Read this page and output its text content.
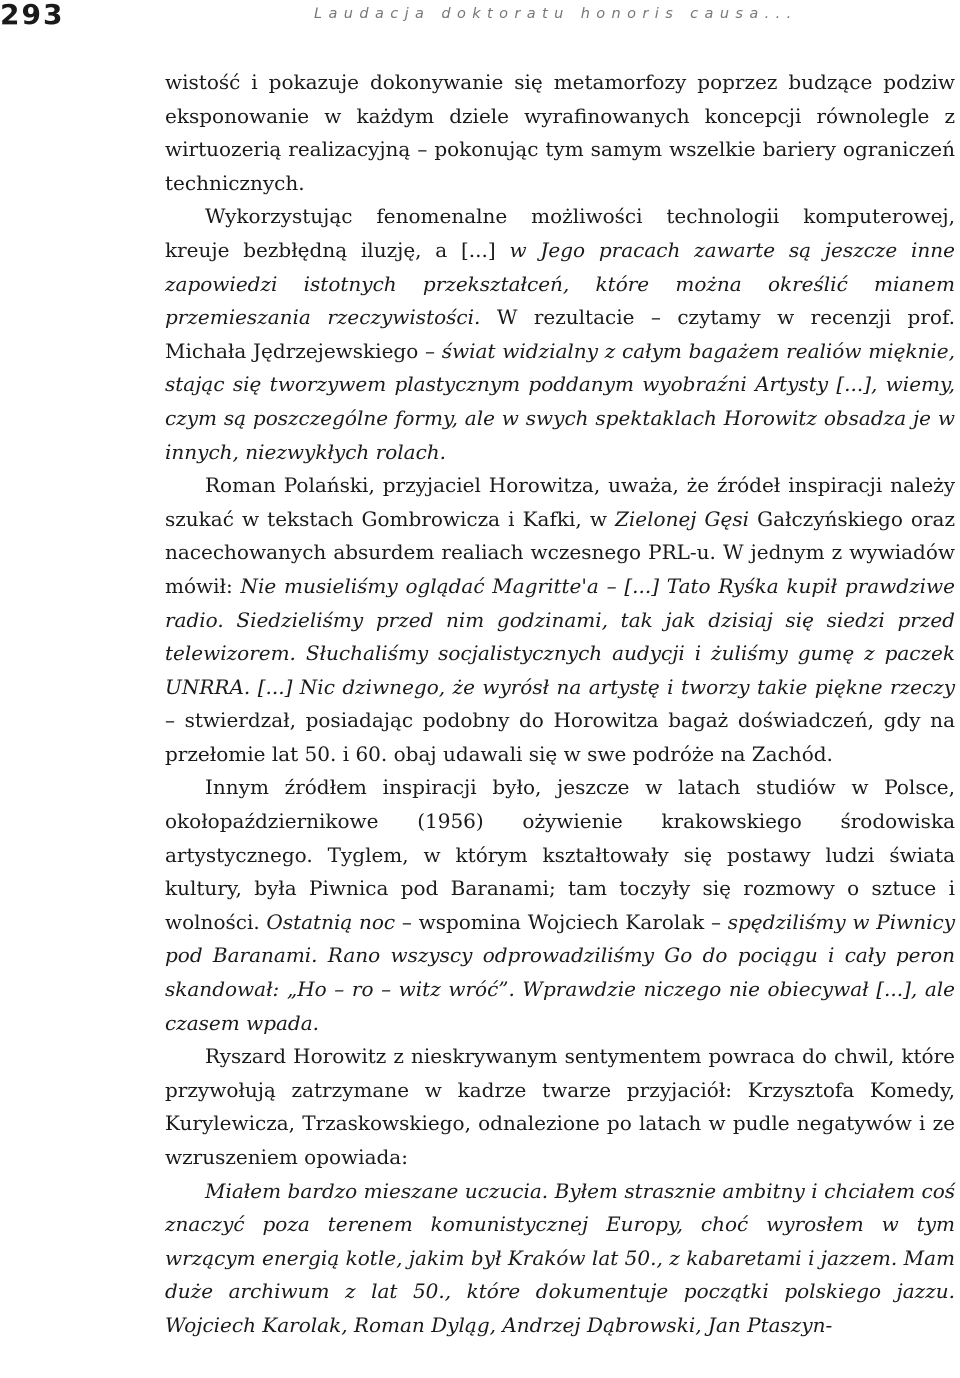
293	Laudacja doktoratu honoris causa...

wistość i pokazuje dokonywanie się metamorfozy poprzez budzące podziw eksponowanie w każdym dziele wyrafinowanych koncepcji równolegle z wirtuozerią realizacyjną – pokonując tym samym wszelkie bariery ograniczeń technicznych.

Wykorzystując fenomenalne możliwości technologii komputerowej, kreuje bezbłędną iluzję, a [...] w Jego pracach zawarte są jeszcze inne zapowiedzi istotnych przekształceń, które można określić mianem przemieszania rzeczywistości. W rezultacie – czytamy w recenzji prof. Michała Jędrzejewskiego – świat widzialny z całym bagażem realiów mięknie, stając się tworzywem plastycznym poddanym wyobraźni Artysty [...], wiemy, czym są poszczególne formy, ale w swych spektaklach Horowitz obsadza je w innych, niezwykłych rolach.

Roman Polański, przyjaciel Horowitza, uważa, że źródeł inspiracji należy szukać w tekstach Gombrowicza i Kafki, w Zielonej Gęsi Gałczyńskiego oraz nacechowanych absurdem realiach wczesnego PRL-u. W jednym z wywiadów mówił: Nie musieliśmy oglądać Magritte'a – [...] Tato Ryśka kupił prawdziwe radio. Siedzieliśmy przed nim godzinami, tak jak dzisiaj się siedzi przed telewizorem. Słuchaliśmy socjalistycznych audycji i żuliśmy gumę z paczek UNRRA. [...] Nic dziwnego, że wyrósł na artystę i tworzy takie piękne rzeczy – stwierdzał, posiadając podobny do Horowitza bagaż doświadczeń, gdy na przełomie lat 50. i 60. obaj udawali się w swe podróże na Zachód.

Innym źródłem inspiracji było, jeszcze w latach studiów w Polsce, okołopaździernikowe (1956) ożywienie krakowskiego środowiska artystycznego. Tyglem, w którym kształtowały się postawy ludzi świata kultury, była Piwnica pod Baranami; tam toczyły się rozmowy o sztuce i wolności. Ostatnią noc – wspomina Wojciech Karolak – spędziliśmy w Piwnicy pod Baranami. Rano wszyscy odprowadziliśmy Go do pociągu i cały peron skandował: „Ho – ro – witz wróć”. Wprawdzie niczego nie obiecywał [...], ale czasem wpada.

Ryszard Horowitz z nieskrywanym sentymentem powraca do chwil, które przywołują zatrzymane w kadrze twarze przyjaciół: Krzysztofa Komedy, Kurylewicza, Trzaskowskiego, odnalezione po latach w pudle negatywów i ze wzruszeniem opowiada:

Miałem bardzo mieszane uczucia. Byłem strasznie ambitny i chciałem coś znaczyć poza terenem komunistycznej Europy, choć wyrosłem w tym wrzącym energią kotle, jakim był Kraków lat 50., z kabaretami i jazzem. Mam duże archiwum z lat 50., które dokumentuje początki polskiego jazzu. Wojciech Karolak, Roman Dyląg, Andrzej Dąbrowski, Jan Ptaszyn-
